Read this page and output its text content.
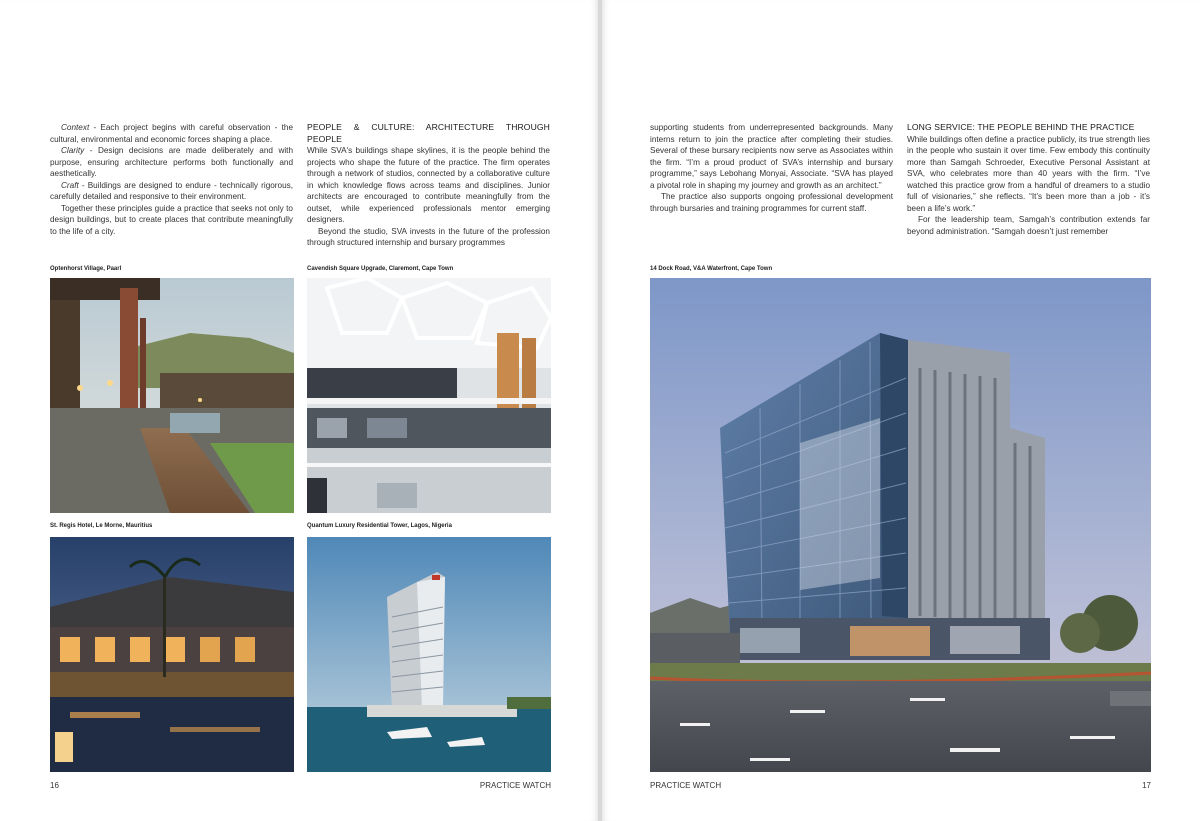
Context - Each project begins with careful observation - the cultural, environmental and economic forces shaping a place.

Clarity - Design decisions are made deliberately and with purpose, ensuring architecture performs both functionally and aesthetically.

Craft - Buildings are designed to endure - technically rigorous, carefully detailed and responsive to their environment.

Together these principles guide a practice that seeks not only to design buildings, but to create places that contribute meaningfully to the life of a city.

PEOPLE & CULTURE: ARCHITECTURE THROUGH PEOPLE

While SVA's buildings shape skylines, it is the people behind the projects who shape the future of the practice. The firm operates through a network of studios, connected by a collaborative culture in which knowledge flows across teams and disciplines. Junior architects are encouraged to contribute meaningfully from the outset, while experienced professionals mentor emerging designers.

Beyond the studio, SVA invests in the future of the profession through structured internship and bursary programmes

Optenhorst Village, Paarl	Cavendish Square Upgrade, Claremont, Cape Town
St. Regis Hotel, Le Morne, Mauritius	Quantum Luxury Residential Tower, Lagos, Nigeria
16	PRACTICE WATCH

supporting students from underrepresented backgrounds. Many interns return to join the practice after completing their studies. Several of these bursary recipients now serve as Associates within the firm. “I’m a proud product of SVA’s internship and bursary programme,” says Lebohang Monyai, Associate. “SVA has played a pivotal role in shaping my journey and growth as an architect.”

The practice also supports ongoing professional development through bursaries and training programmes for current staff.

LONG SERVICE: THE PEOPLE BEHIND THE PRACTICE

While buildings often define a practice publicly, its true strength lies in the people who sustain it over time. Few embody this continuity more than Samgah Schroeder, Executive Personal Assistant at SVA, who celebrates more than 40 years with the firm. “I’ve watched this practice grow from a handful of dreamers to a studio full of visionaries,” she reflects. “It’s been more than a job - it’s been a life’s work.”

For the leadership team, Samgah’s contribution extends far beyond administration. “Samgah doesn’t just remember

14 Dock Road, V&A Waterfront, Cape Town
PRACTICE WATCH	17
